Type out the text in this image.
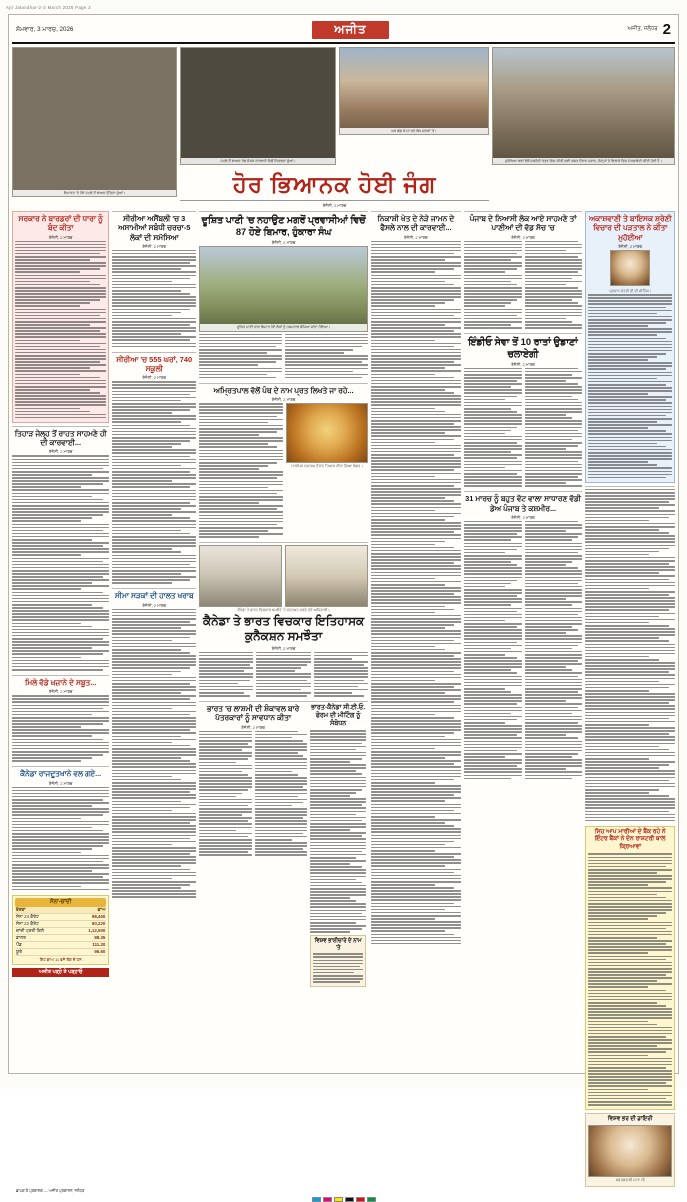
Ajit Jalandhar-2-3 March 2026 Page 2
ਸੋਮਵਾਰ, 3 ਮਾਰਚ, 2026	ਅਜੀਤ	ਅਜੀਤ, ਜਲੰਧਰ 2
ਇਮਾਰਤ 'ਤੇ ਹੋਏ ਹਮਲੇ ਤੋਂ ਬਾਅਦ ਉੱਠਦਾ ਧੂੰਆਂ।
ਹਮਲੇ ਤੋਂ ਬਾਅਦ ਤੇਲ ਸੋਧਕ ਕਾਰਖਾਨੇ ਵਿਚੋਂ ਨਿਕਲਦਾ ਧੂੰਆਂ।
ਘਰ ਛੱਡ ਕੇ ਜਾ ਰਹੇ ਲੋਕ ਸੜਕਾਂ 'ਤੇ।
ਹੋਰ ਭਿਆਨਕ ਹੋਈ ਜੰਗ
ਏਜੰਸੀ, 2 ਮਾਰਚ
ਸੁਰੱਖਿਆ ਬਲਾਂ ਵੱਲੋਂ ਸਰਹੱਦੀ ਖੇਤਰ ਵਿਚ ਕੀਤੀ ਗਈ ਗਸ਼ਤ ਦੌਰਾਨ ਜਵਾਨ, ਜਿਨ੍ਹਾਂ ਨੇ ਇਲਾਕੇ ਵਿਚ ਮੋਰਚਾਬੰਦੀ ਕੀਤੀ ਹੋਈ ਹੈ।
ਸਰਕਾਰ ਨੇ ਬਾਰਡਰਾਂ ਦੀ ਧਾਰਾ ਨੂੰ ਬੰਦ ਕੀਤਾ
ਏਜੰਸੀ, 2 ਮਾਰਚ
ਤਿਹਾੜ ਜੇਲ੍ਹ ਤੋਂ ਰਾਹਤ ਸਾਹਮਣੇ ਹੀ ਦੀ ਕਾਰਵਾਈ...
ਏਜੰਸੀ, 2 ਮਾਰਚ
ਮਿਲੇ ਵੱਡੇ ਖ਼ਜ਼ਾਨੇ ਦੇ ਸਬੂਤ...
ਏਜੰਸੀ, 2 ਮਾਰਚ
ਕੈਨੇਡਾ ਰਾਜਦੂਤਖਾਨੇ ਵਲ ਗਏ...
ਏਜੰਸੀ, 2 ਮਾਰਚ
ਸੋਨਾ-ਚਾਂਦੀ
ਵੇਰਵਾ	ਭਾਅ
ਸੋਨਾ 24 ਕੈਰੇਟ	98,450
ਸੋਨਾ 22 ਕੈਰੇਟ	90,220
ਚਾਂਦੀ ਪ੍ਰਤੀ ਕਿਲੋ	1,12,500
ਡਾਲਰ	88.35
ਪੌਂਡ	111.20
ਯੂਰੋ	95.60
ਇਹ ਭਾਅ 11 ਵਜੇ ਤੱਕ ਦੇ ਹਨ
ਅਜੀਤ ਪੜ੍ਹੋ ਤੇ ਪੜ੍ਹਾਓ
ਸੀਰੀਆ ਅਸੈਂਬਲੀ 'ਚ 3 ਅਸਾਮੀਆਂ ਸਬੰਧੀ ਚਰਚਾ-5 ਲੋਕਾਂ ਦੀ ਸਮੱਸਿਆ
ਏਜੰਸੀ, 2 ਮਾਰਚ
ਸੀਰੀਆ 'ਚ 555 ਘਰਾਂ, 740 ਸਕੂਲੀ
ਏਜੰਸੀ, 2 ਮਾਰਚ
ਸੀਮਾ ਸੜਕਾਂ ਦੀ ਹਾਲਤ ਖਰਾਬ
ਏਜੰਸੀ, 2 ਮਾਰਚ
ਦੂਸ਼ਿਤ ਪਾਣੀ 'ਚ ਨਹਾਉਣ ਮਗਰੋਂ ਪ੍ਰਵਾਸੀਆਂ ਵਿਚੋਂ 87 ਹੋਏ ਬਿਮਾਰ, ਹੁੰਕਾਰਾ ਸੰਘ
ਏਜੰਸੀ, 2 ਮਾਰਚ
ਦੂਸ਼ਿਤ ਪਾਣੀ ਨਾਲ ਬਿਮਾਰ ਹੋਏ ਲੋਕਾਂ ਨੂੰ ਹਸਪਤਾਲ ਭੇਜਿਆ ਜਾਂਦਾ ਹੋਇਆ।
ਅਮ੍ਰਿਤਪਾਲ ਵੱਲੋਂ ਪੰਥ ਦੇ ਨਾਮ ਪ੍ਰਤ ਲਿਖਤੇ ਜਾ ਰਹੇ...
ਏਜੰਸੀ, 2 ਮਾਰਚ
ਧਾਰਮਿਕ ਸਮਾਗਮ ਦੌਰਾਨ ਤਿਆਰ ਕੀਤਾ ਗਿਆ ਲੰਗਰ।
ਕੈਨੇਡਾ ਤੇ ਭਾਰਤ ਵਿਚਕਾਰ ਸਮਝੌਤੇ 'ਤੇ ਦਸਤਖ਼ਤ ਕਰਦੇ ਹੋਏ ਅਧਿਕਾਰੀ।
ਕੈਨੇਡਾ ਤੇ ਭਾਰਤ ਵਿਚਕਾਰ ਇਤਿਹਾਸਕ ਕੁਨੈਕਸ਼ਨ ਸਮਝੌਤਾ
ਏਜੰਸੀ, 2 ਮਾਰਚ
ਭਾਰਤ 'ਚ ਲਾਸ਼ਮੀ ਦੀ ਸ਼ੰਕਾਵਲ ਬਾਰੇ ਪੱਤਰਕਾਰਾਂ ਨੂੰ ਸਾਵਧਾਨ ਕੀਤਾ
ਏਜੰਸੀ, 2 ਮਾਰਚ
ਭਾਰਤ-ਕੈਨੇਡਾ ਸੀ.ਈ.ਓ. ਫੋਰਮ ਦੀ ਮੀਟਿੰਗ ਨੂੰ ਸੰਬੋਧਨ
ਵਿਸ਼ਵ ਭਾਈਚਾਰੇ ਦੇ ਨਾਮ 'ਤੇ
ਨਿਕਾਸ਼ੀ ਖੇਤ ਦੇ ਨੇੜੇ ਜਾਮਨ ਦੇ ਫੈਸਲੇ ਨਾਲ ਦੀ ਕਾਰਵਾਈ...
ਏਜੰਸੀ, 2 ਮਾਰਚ
ਪੰਜਾਬ ਦੇ ਨਿਆਸੀ ਲੋਕ ਆਏ ਸਾਹਮਣੇ ਤਾਂ ਪਾਣੀਆਂ ਦੀ ਵੱਡ ਸੱਚ 'ਚ
ਏਜੰਸੀ, 2 ਮਾਰਚ
ਇੰਡੀਓ ਸੇਵਾ ਤੋਂ 10 ਰਾਤਾਂ ਉਡਾਣਾਂ ਚਲਾਏਗੀ
ਏਜੰਸੀ, 2 ਮਾਰਚ
31 ਮਾਰਚ ਨੂੰ ਬਹੁਤ ਵੋਟ ਵਾਲਾ ਸਾਧਾਰਣ ਵੱਡੀ ਡੇਅ ਪੰਜਾਬ ਤੇ ਕਸ਼ਮੀਰ...
ਏਜੰਸੀ, 2 ਮਾਰਚ
ਅਕਾਸ਼ਵਾਣੀ ਤੇ ਬਾਇਸਕ ਸ਼੍ਰੇਣੀ ਵਿਚਾਰ ਦੀ ਪੜਤਾਲ ਨੇ ਕੀਤਾ ਮੁਹੱਈਆ
ਏਜੰਸੀ, 2 ਮਾਰਚ
ਪ੍ਰਧਾਨ ਮੰਤਰੀ ਜੀ ਦੀ ਮੀਟਿੰਗ।
ਸਿਹ ਆਪ ਮਾਰੀਆਂ ਦੇ ਬੈਂਕ ਰਹੇ ਨੇ ਇੰਟਰ ਬੈਂਕਾਂ ਨੇ ਦੋਨ ਰਾਸ਼ਟਰੀ ਬਾਲ ਕ੍ਰਿਆਵਾਂ
ਵਿਸ਼ਵ ਭਰ ਦੀ ਡਾਇਰੀ
ਸਵਰਗਵਾਸੀ ਮਾਤਾ ਜੀ
ਛਾਪਕ ਤੇ ਪ੍ਰਕਾਸ਼ਕ — ਅਜੀਤ ਪ੍ਰਕਾਸ਼ਨ, ਜਲੰਧਰ
